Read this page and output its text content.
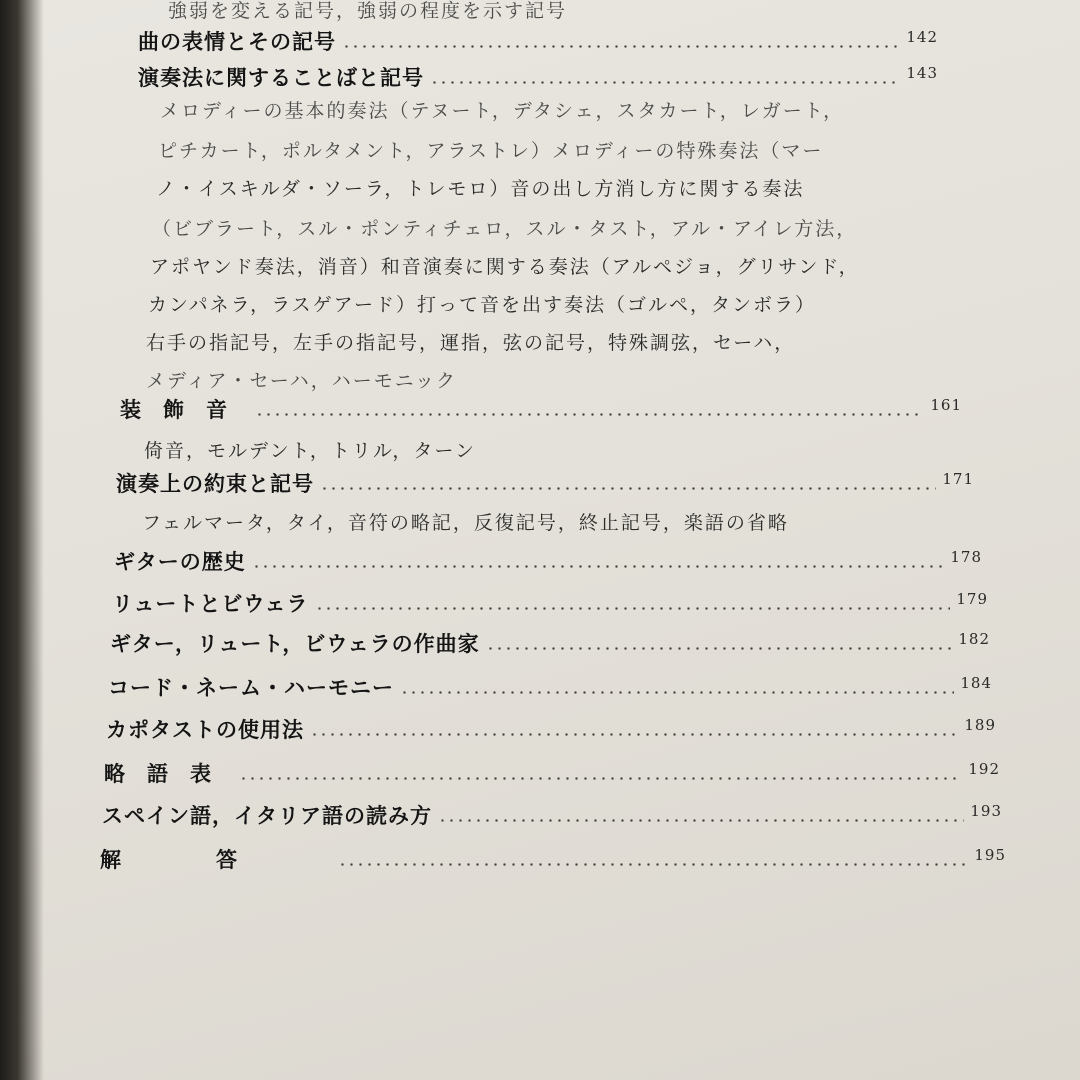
強弱を変える記号，強弱の程度を示す記号
曲の表情とその記号	142
演奏法に関することばと記号	143
メロディーの基本的奏法（テヌート，デタシェ，スタカート，レガート，
ピチカート，ポルタメント，アラストレ）メロディーの特殊奏法（マー
ノ・イスキルダ・ソーラ，トレモロ）音の出し方消し方に関する奏法
（ビブラート，スル・ポンティチェロ，スル・タスト，アル・アイレ方法，
アポヤンド奏法，消音）和音演奏に関する奏法（アルペジョ，グリサンド，
カンパネラ，ラスゲアード）打って音を出す奏法（ゴルペ，タンボラ）
右手の指記号，左手の指記号，運指，弦の記号，特殊調弦，セーハ，
メディア・セーハ，ハーモニック
装飾音	161
倚音，モルデント，トリル，ターン
演奏上の約束と記号	171
フェルマータ，タイ，音符の略記，反復記号，終止記号，楽語の省略
ギターの歴史	178
リュートとビウェラ	179
ギター，リュート，ビウェラの作曲家	182
コード・ネーム・ハーモニー	184
カポタストの使用法	189
略語表	192
スペイン語，イタリア語の読み方	193
解答	195
